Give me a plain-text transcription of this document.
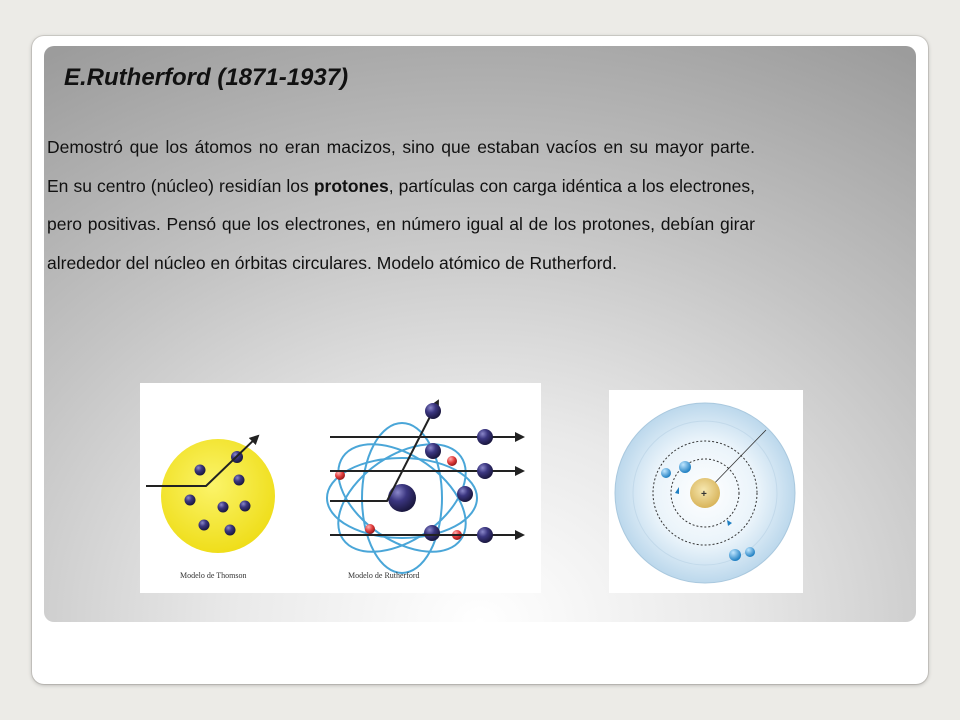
E.Rutherford (1871-1937)

Demostró que los átomos no eran macizos, sino que estaban vacíos en su mayor parte. En su centro (núcleo) residían los protones, partículas con carga idéntica a los electrones, pero positivas. Pensó que los electrones, en número igual al de los protones, debían girar alrededor del núcleo en órbitas circulares. Modelo atómico de Rutherford.

Modelo de Thomson	Modelo de Rutherford
+
